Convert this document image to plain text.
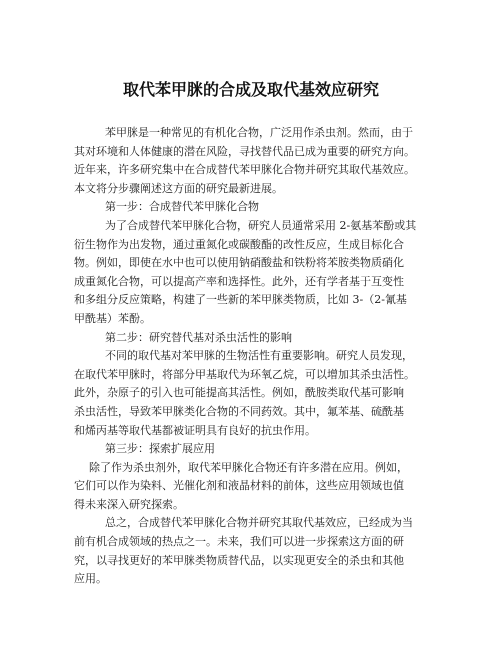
取代苯甲脒的合成及取代基效应研究
苯甲脒是一种常见的有机化合物，广泛用作杀虫剂。然而，由于
其对环境和人体健康的潜在风险，寻找替代品已成为重要的研究方向。
近年来，许多研究集中在合成替代苯甲脒化合物并研究其取代基效应。
本文将分步骤阐述这方面的研究最新进展。
第一步：合成替代苯甲脒化合物
为了合成替代苯甲脒化合物，研究人员通常采用 2-氨基苯酚或其
衍生物作为出发物，通过重氮化或碳酸酯的改性反应，生成目标化合
物。例如，即使在水中也可以使用钠硝酸盐和铁粉将苯胺类物质硝化
成重氮化合物，可以提高产率和选择性。此外，还有学者基于互变性
和多组分反应策略，构建了一些新的苯甲脒类物质，比如 3-（2-氰基
甲酰基）苯酚。
第二步：研究替代基对杀虫活性的影响
不同的取代基对苯甲脒的生物活性有重要影响。研究人员发现，
在取代苯甲脒时，将部分甲基取代为环氧乙烷，可以增加其杀虫活性。
此外，杂原子的引入也可能提高其活性。例如，酰胺类取代基可影响
杀虫活性，导致苯甲脒类化合物的不同药效。其中，氟苯基、硫酰基
和烯丙基等取代基都被证明具有良好的抗虫作用。
第三步：探索扩展应用
除了作为杀虫剂外，取代苯甲脒化合物还有许多潜在应用。例如，
它们可以作为染料、光催化剂和液晶材料的前体，这些应用领域也值
得未来深入研究探索。
总之，合成替代苯甲脒化合物并研究其取代基效应，已经成为当
前有机合成领域的热点之一。未来，我们可以进一步探索这方面的研
究，以寻找更好的苯甲脒类物质替代品，以实现更安全的杀虫和其他
应用。
